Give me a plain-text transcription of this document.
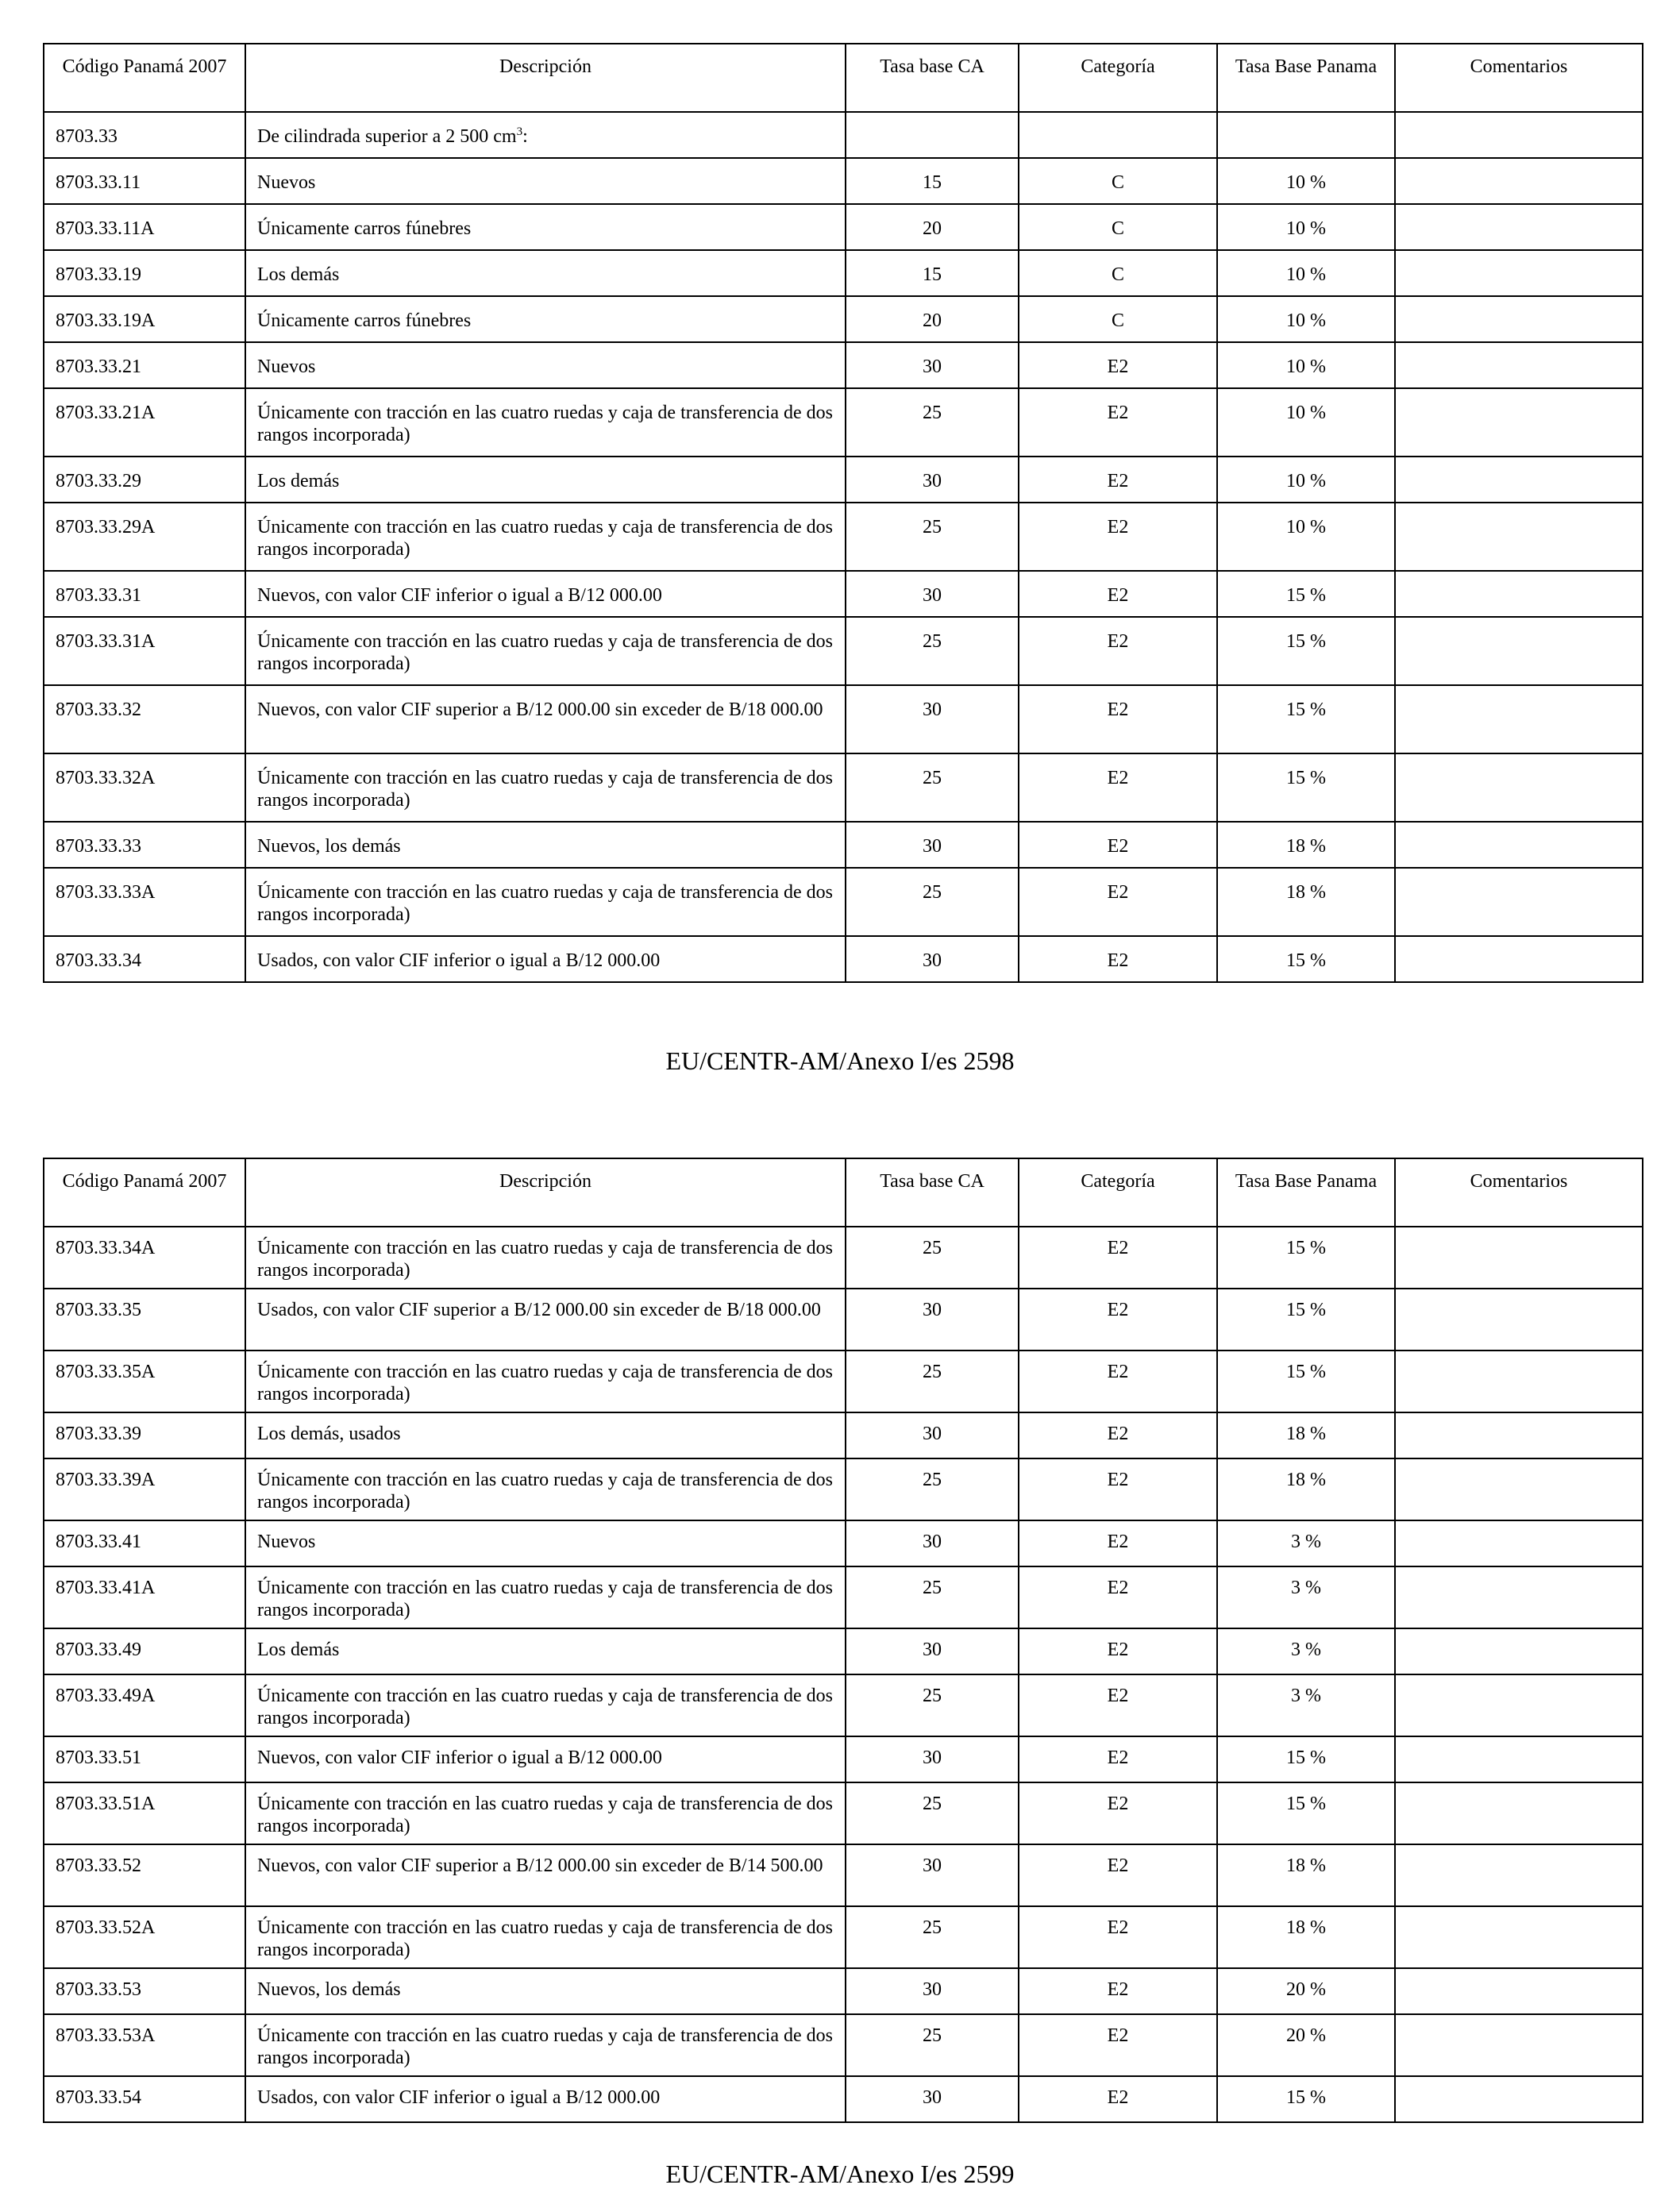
Código Panamá 2007	Descripción	Tasa base CA	Categoría	Tasa Base Panama	Comentarios
8703.33	De cilindrada superior a 2 500 $cm^3$:				
8703.33.11	Nuevos	15	C	10 %	
8703.33.11A	Únicamente carros fúnebres	20	C	10 %	
8703.33.19	Los demás	15	C	10 %	
8703.33.19A	Únicamente carros fúnebres	20	C	10 %	
8703.33.21	Nuevos	30	E2	10 %	
8703.33.21A	Únicamente con tracción en las cuatro ruedas y caja de transferencia de dos rangos incorporada)	25	E2	10 %	
8703.33.29	Los demás	30	E2	10 %	
8703.33.29A	Únicamente con tracción en las cuatro ruedas y caja de transferencia de dos rangos incorporada)	25	E2	10 %	
8703.33.31	Nuevos, con valor CIF inferior o igual a B/12 000.00	30	E2	15 %	
8703.33.31A	Únicamente con tracción en las cuatro ruedas y caja de transferencia de dos rangos incorporada)	25	E2	15 %	
8703.33.32	Nuevos, con valor CIF superior a B/12 000.00 sin exceder de B/18 000.00	30	E2	15 %	
8703.33.32A	Únicamente con tracción en las cuatro ruedas y caja de transferencia de dos rangos incorporada)	25	E2	15 %	
8703.33.33	Nuevos, los demás	30	E2	18 %	
8703.33.33A	Únicamente con tracción en las cuatro ruedas y caja de transferencia de dos rangos incorporada)	25	E2	18 %	
8703.33.34	Usados, con valor CIF inferior o igual a B/12 000.00	30	E2	15 %	
EU/CENTR-AM/Anexo I/es 2598
Código Panamá 2007	Descripción	Tasa base CA	Categoría	Tasa Base Panama	Comentarios
8703.33.34A	Únicamente con tracción en las cuatro ruedas y caja de transferencia de dos rangos incorporada)	25	E2	15 %	
8703.33.35	Usados, con valor CIF superior a B/12 000.00 sin exceder de B/18 000.00	30	E2	15 %	
8703.33.35A	Únicamente con tracción en las cuatro ruedas y caja de transferencia de dos rangos incorporada)	25	E2	15 %	
8703.33.39	Los demás, usados	30	E2	18 %	
8703.33.39A	Únicamente con tracción en las cuatro ruedas y caja de transferencia de dos rangos incorporada)	25	E2	18 %	
8703.33.41	Nuevos	30	E2	3 %	
8703.33.41A	Únicamente con tracción en las cuatro ruedas y caja de transferencia de dos rangos incorporada)	25	E2	3 %	
8703.33.49	Los demás	30	E2	3 %	
8703.33.49A	Únicamente con tracción en las cuatro ruedas y caja de transferencia de dos rangos incorporada)	25	E2	3 %	
8703.33.51	Nuevos, con valor CIF inferior o igual a B/12 000.00	30	E2	15 %	
8703.33.51A	Únicamente con tracción en las cuatro ruedas y caja de transferencia de dos rangos incorporada)	25	E2	15 %	
8703.33.52	Nuevos, con valor CIF superior a B/12 000.00 sin exceder de B/14 500.00	30	E2	18 %	
8703.33.52A	Únicamente con tracción en las cuatro ruedas y caja de transferencia de dos rangos incorporada)	25	E2	18 %	
8703.33.53	Nuevos, los demás	30	E2	20 %	
8703.33.53A	Únicamente con tracción en las cuatro ruedas y caja de transferencia de dos rangos incorporada)	25	E2	20 %	
8703.33.54	Usados, con valor CIF inferior o igual a B/12 000.00	30	E2	15 %	
EU/CENTR-AM/Anexo I/es 2599
